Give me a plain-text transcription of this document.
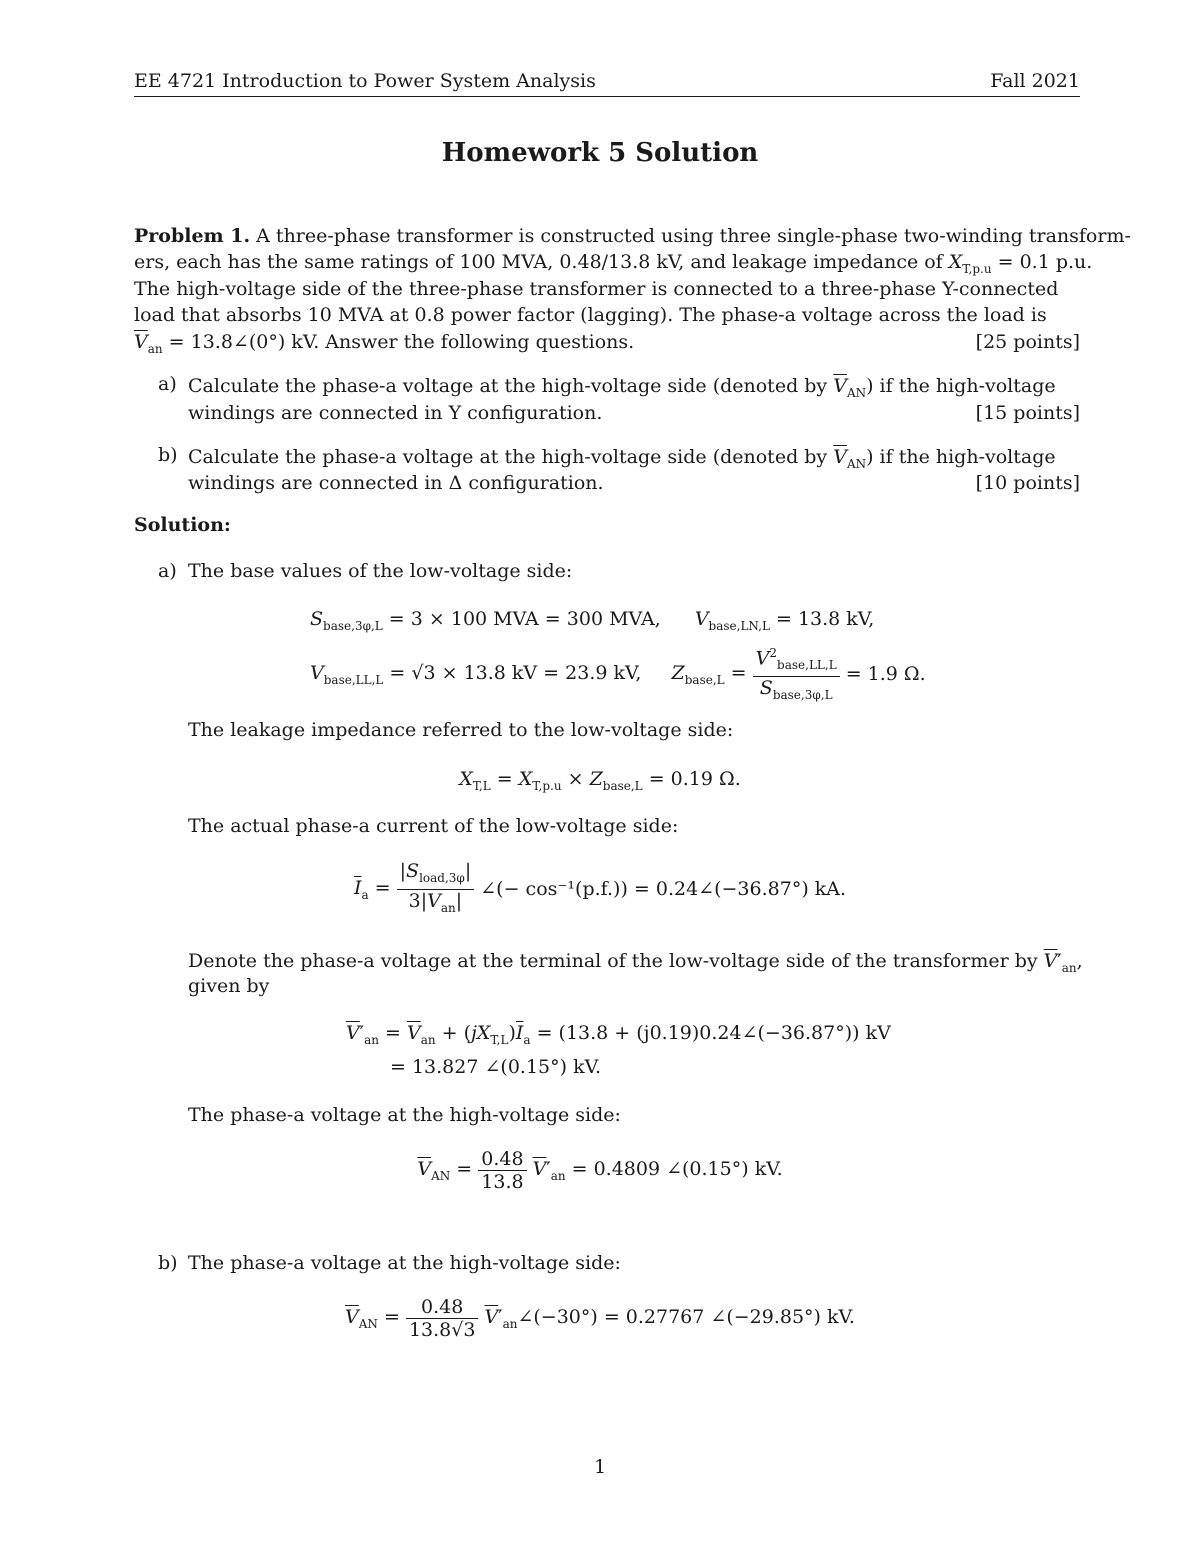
EE 4721 Introduction to Power System Analysis	Fall 2021
Homework 5 Solution
Problem 1. A three-phase transformer is constructed using three single-phase two-winding transform-
ers, each has the same ratings of 100 MVA, 0.48/13.8 kV, and leakage impedance of $X_{T,p.u} = 0.1$ p.u.
The high-voltage side of the three-phase transformer is connected to a three-phase Y-connected
load that absorbs 10 MVA at 0.8 power factor (lagging). The phase-a voltage across the load is
$\overline{V}_{an}$ = 13.8∠(0°) kV. Answer the following questions.	[25 points]
a) Calculate the phase-a voltage at the high-voltage side (denoted by $\overline{V}_{AN}$) if the high-voltage
windings are connected in Y configuration.	[15 points]
b) Calculate the phase-a voltage at the high-voltage side (denoted by $\overline{V}_{AN}$) if the high-voltage
windings are connected in Δ configuration.	[10 points]
Solution:
a) The base values of the low-voltage side:
$S_{base,3\varphi,L} = 3 \times 100$ MVA = 300 MVA, $V_{base,LN,L} = 13.8$ kV,
$V_{base,LL,L} = √3 \times 13.8$ kV = 23.9 kV, $Z_{base,L} = \frac{V^2_{base,LL,L}}{S_{base,3\varphi,L}} = 1.9$ Ω.
The leakage impedance referred to the low-voltage side:
$X_{T,L} = X_{T,p.u} \times Z_{base,L} = 0.19$ Ω.
The actual phase-a current of the low-voltage side:
$\overline{I}_a = \frac{|S_{load,3\varphi}|}{3|\overline{V}_{an}|}$ ∠(− cos⁻¹(p.f.)) = 0.24∠(−36.87°) kA.
Denote the phase-a voltage at the terminal of the low-voltage side of the transformer by $\overline{V}'_{an}$,
given by
$\overline{V}'_{an} = \overline{V}_{an} + (jX_{T,L})\overline{I}_a = (13.8$ + (j0.19)0.24∠(−36.87°)) kV
= 13.827 ∠(0.15°) kV.
The phase-a voltage at the high-voltage side:
$\overline{V}_{AN} = \frac{0.48}{13.8} \overline{V}'_{an} = 0.4809$ ∠(0.15°) kV.
b) The phase-a voltage at the high-voltage side:
$\overline{V}_{AN} = \frac{0.48}{13.8√3}$ $\overline{V}'_{an}\angle(-30^\circ) = 0.27767$ ∠(−29.85°) kV.
1
